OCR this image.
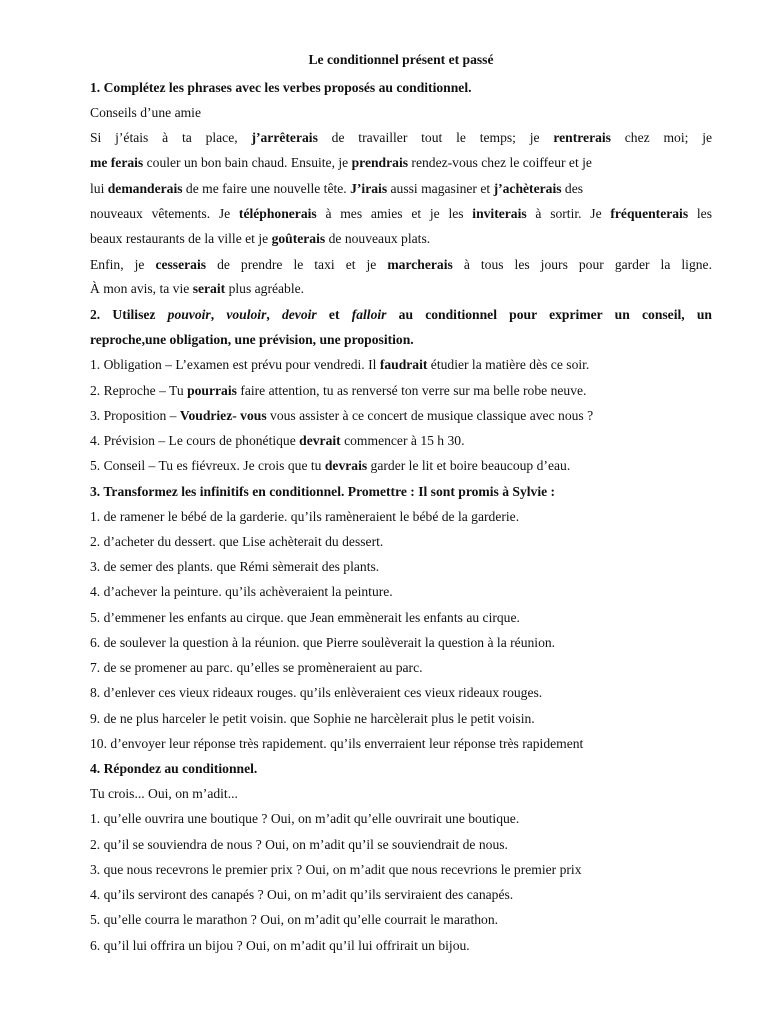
Le conditionnel présent et passé
1. Complétez les phrases avec les verbes proposés au conditionnel.
Conseils d’une amie
Si j’étais à ta place, j’arrêterais de travailler tout le temps; je rentrerais chez moi; je
me ferais couler un bon bain chaud. Ensuite, je prendrais rendez-vous chez le coiffeur et je
lui demanderais de me faire une nouvelle tête. J’irais aussi magasiner et j’achèterais des
nouveaux vêtements. Je téléphonerais à mes amies et je les inviterais à sortir. Je fréquenterais les
beaux restaurants de la ville et je goûterais de nouveaux plats.
Enfin, je cesserais de prendre le taxi et je marcherais à tous les jours pour garder la ligne.
À mon avis, ta vie serait plus agréable.
2. Utilisez pouvoir, vouloir, devoir et falloir au conditionnel pour exprimer un conseil, un
reproche,une obligation, une prévision, une proposition.
1. Obligation – L’examen est prévu pour vendredi. Il faudrait étudier la matière dès ce soir.
2. Reproche – Tu pourrais faire attention, tu as renversé ton verre sur ma belle robe neuve.
3. Proposition – Voudriez- vous vous assister à ce concert de musique classique avec nous ?
4. Prévision – Le cours de phonétique devrait commencer à 15 h 30.
5. Conseil – Tu es fiévreux. Je crois que tu devrais garder le lit et boire beaucoup d’eau.
3. Transformez les infinitifs en conditionnel. Promettre : Il sont promis à Sylvie :
1. de ramener le bébé de la garderie. qu’ils ramèneraient le bébé de la garderie.
2. d’acheter du dessert. que Lise achèterait du dessert.
3. de semer des plants. que Rémi sèmerait des plants.
4. d’achever la peinture. qu’ils achèveraient la peinture.
5. d’emmener les enfants au cirque. que Jean emmènerait les enfants au cirque.
6. de soulever la question à la réunion. que Pierre soulèverait la question à la réunion.
7. de se promener au parc. qu’elles se promèneraient au parc.
8. d’enlever ces vieux rideaux rouges. qu’ils enlèveraient ces vieux rideaux rouges.
9. de ne plus harceler le petit voisin. que Sophie ne harcèlerait plus le petit voisin.
10. d’envoyer leur réponse très rapidement. qu’ils enverraient leur réponse très rapidement
4. Répondez au conditionnel.
Tu crois... Oui, on m’adit...
1. qu’elle ouvrira une boutique ? Oui, on m’adit qu’elle ouvrirait une boutique.
2. qu’il se souviendra de nous ? Oui, on m’adit qu’il se souviendrait de nous.
3. que nous recevrons le premier prix ? Oui, on m’adit que nous recevrions le premier prix
4. qu’ils serviront des canapés ? Oui, on m’adit qu’ils serviraient des canapés.
5. qu’elle courra le marathon ? Oui, on m’adit qu’elle courrait le marathon.
6. qu’il lui offrira un bijou ? Oui, on m’adit qu’il lui offrirait un bijou.
